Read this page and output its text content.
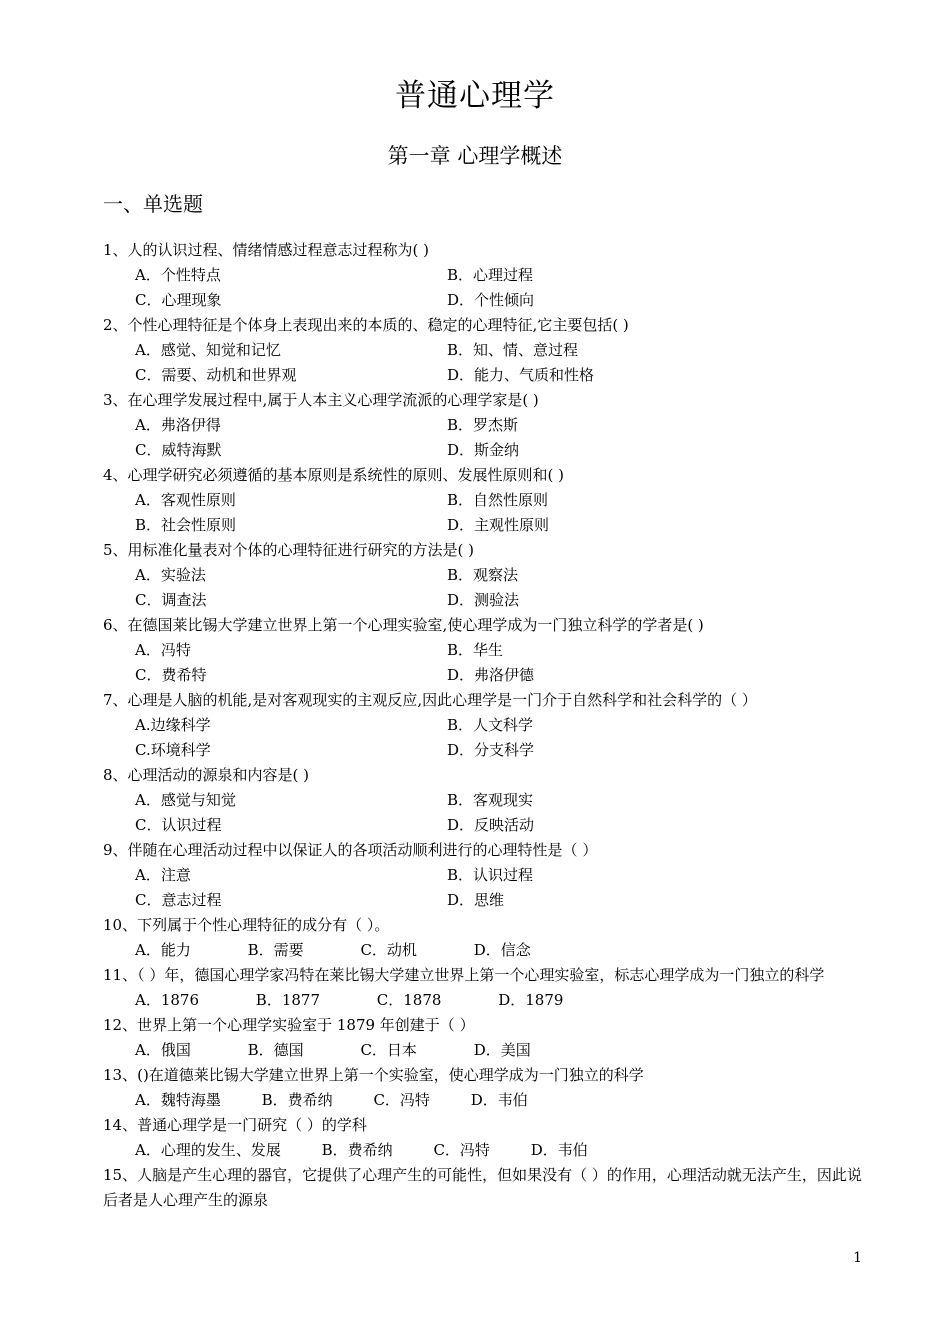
普通心理学
第一章 心理学概述
一、单选题
1、人的认识过程、情绪情感过程意志过程称为( )
A．个性特点	B．心理过程
C．心理现象	D．个性倾向
2、个性心理特征是个体身上表现出来的本质的、稳定的心理特征,它主要包括( )
A．感觉、知觉和记忆	B．知、情、意过程
C．需要、动机和世界观	D．能力、气质和性格
3、在心理学发展过程中,属于人本主义心理学流派的心理学家是( )
A．弗洛伊得	B．罗杰斯
C．威特海默	D．斯金纳
4、心理学研究必须遵循的基本原则是系统性的原则、发展性原则和( )
A．客观性原则	B．自然性原则
B．社会性原则	D．主观性原则
5、用标准化量表对个体的心理特征进行研究的方法是( )
A．实验法	B．观察法
C．调查法	D．测验法
6、在德国莱比锡大学建立世界上第一个心理实验室,使心理学成为一门独立科学的学者是( )
A．冯特	B．华生
C．费希特	D．弗洛伊德
7、心理是人脑的机能,是对客观现实的主观反应,因此心理学是一门介于自然科学和社会科学的（ ）
A.边缘科学	B．人文科学
C.环境科学	D．分支科学
8、心理活动的源泉和内容是( )
A．感觉与知觉	B．客观现实
C．认识过程	D．反映活动
9、伴随在心理活动过程中以保证人的各项活动顺利进行的心理特性是（ ）
A．注意	B．认识过程
C．意志过程	D．思维
10、下列属于个性心理特征的成分有（ ）。
A．能力	B．需要	C．动机	D．信念
11、（ ）年，德国心理学家冯特在莱比锡大学建立世界上第一个心理实验室，标志心理学成为一门独立的科学
A．1876	B．1877	C．1878	D．1879
12、世界上第一个心理学实验室于 1879 年创建于（ ）
A．俄国	B．德国	C．日本	D．美国
13、()在道德莱比锡大学建立世界上第一个实验室，使心理学成为一门独立的科学
A．魏特海墨	B．费希纳	C．冯特	D．韦伯
14、普通心理学是一门研究（ ）的学科
A．心理的发生、发展	B．费希纳	C．冯特	D．韦伯
15、人脑是产生心理的器官，它提供了心理产生的可能性，但如果没有（ ）的作用，心理活动就无法产生，因此说后者是人心理产生的源泉
1
